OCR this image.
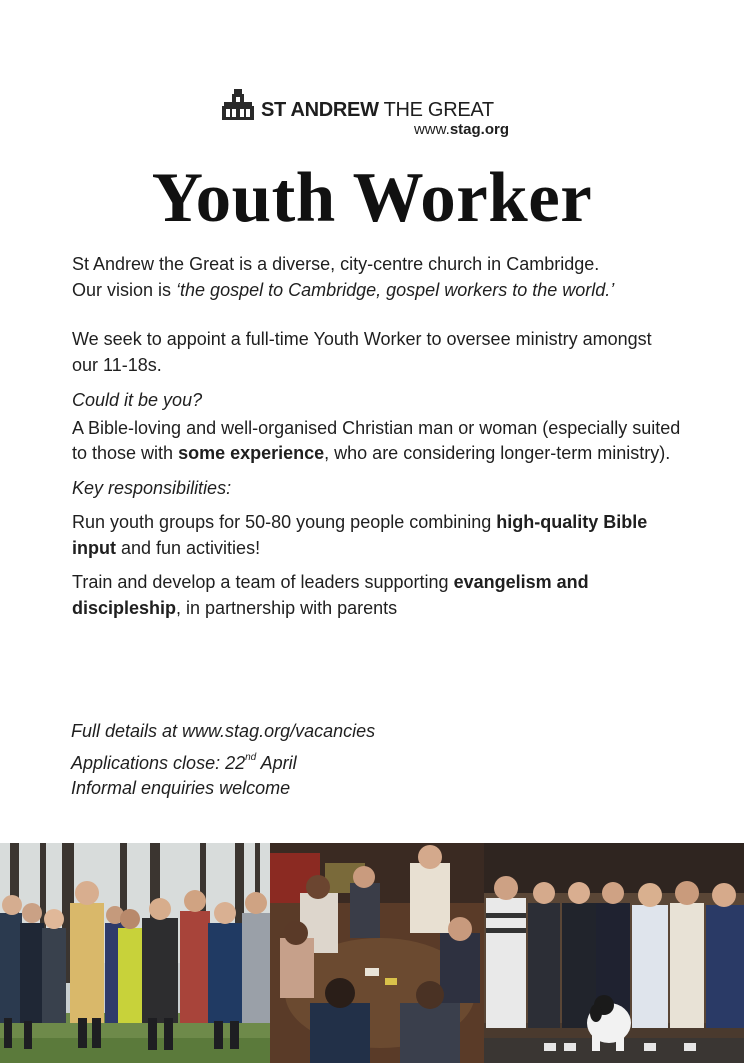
ST ANDREW THE GREAT
www.stag.org
Youth Worker

St Andrew the Great is a diverse, city-centre church in Cambridge.
Our vision is ‘the gospel to Cambridge, gospel workers to the world.’

We seek to appoint a full-time Youth Worker to oversee ministry amongst our 11-18s.

Could it be you?

A Bible-loving and well-organised Christian man or woman (especially suited to those with some experience, who are considering longer-term ministry).

Key responsibilities:

Run youth groups for 50-80 young people combining high-quality Bible input and fun activities!

Train and develop a team of leaders supporting evangelism and discipleship, in partnership with parents

Full details at www.stag.org/vacancies

Applications close: 22nd April

Informal enquiries welcome
